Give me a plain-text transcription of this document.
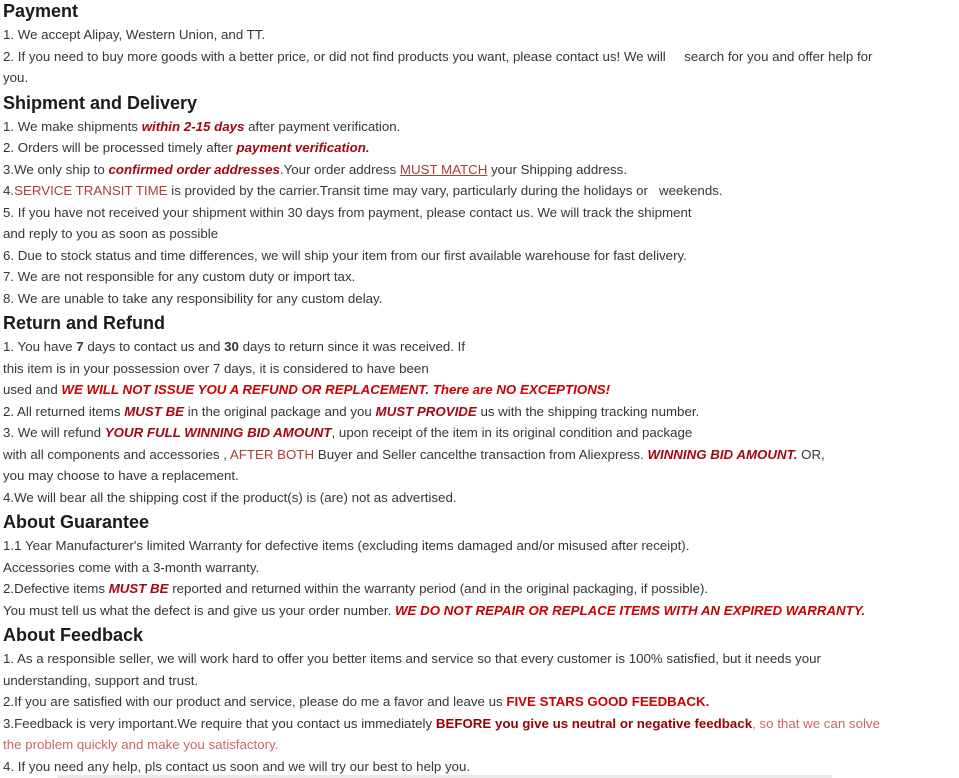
Payment
1. We accept Alipay, Western Union, and TT.
2. If you need to buy more goods with a better price, or did not find products you want, please contact us! We will     search for you and offer help for
you.
Shipment and Delivery
1. We make shipments within 2-15 days after payment verification.
2. Orders will be processed timely after payment verification.
3.We only ship to confirmed order addresses.Your order address MUST MATCH your Shipping address.
4.SERVICE TRANSIT TIME is provided by the carrier.Transit time may vary, particularly during the holidays or   weekends.
5. If you have not received your shipment within 30 days from payment, please contact us. We will track the shipment
and reply to you as soon as possible
6. Due to stock status and time differences, we will ship your item from our first available warehouse for fast delivery.
7. We are not responsible for any custom duty or import tax.
8. We are unable to take any responsibility for any custom delay.
Return and Refund
1. You have 7 days to contact us and 30 days to return since it was received. If
this item is in your possession over 7 days, it is considered to have been
used and WE WILL NOT ISSUE YOU A REFUND OR REPLACEMENT. There are NO EXCEPTIONS!
2. All returned items MUST BE in the original package and you MUST PROVIDE us with the shipping tracking number.
3. We will refund YOUR FULL WINNING BID AMOUNT, upon receipt of the item in its original condition and package
with all components and accessories , AFTER BOTH Buyer and Seller cancelthe transaction from Aliexpress. WINNING BID AMOUNT. OR,
you may choose to have a replacement.
4.We will bear all the shipping cost if the product(s) is (are) not as advertised.
About Guarantee
1.1 Year Manufacturer's limited Warranty for defective items (excluding items damaged and/or misused after receipt).
Accessories come with a 3-month warranty.
2.Defective items MUST BE reported and returned within the warranty period (and in the original packaging, if possible).
You must tell us what the defect is and give us your order number. WE DO NOT REPAIR OR REPLACE ITEMS WITH AN EXPIRED WARRANTY.
About Feedback
1. As a responsible seller, we will work hard to offer you better items and service so that every customer is 100% satisfied, but it needs your
understanding, support and trust.
2.If you are satisfied with our product and service, please do me a favor and leave us FIVE STARS GOOD FEEDBACK.
3.Feedback is very important.We require that you contact us immediately BEFORE you give us neutral or negative feedback, so that we can solve
the problem quickly and make you satisfactory.
4. If you need any help, pls contact us soon and we will try our best to help you.
